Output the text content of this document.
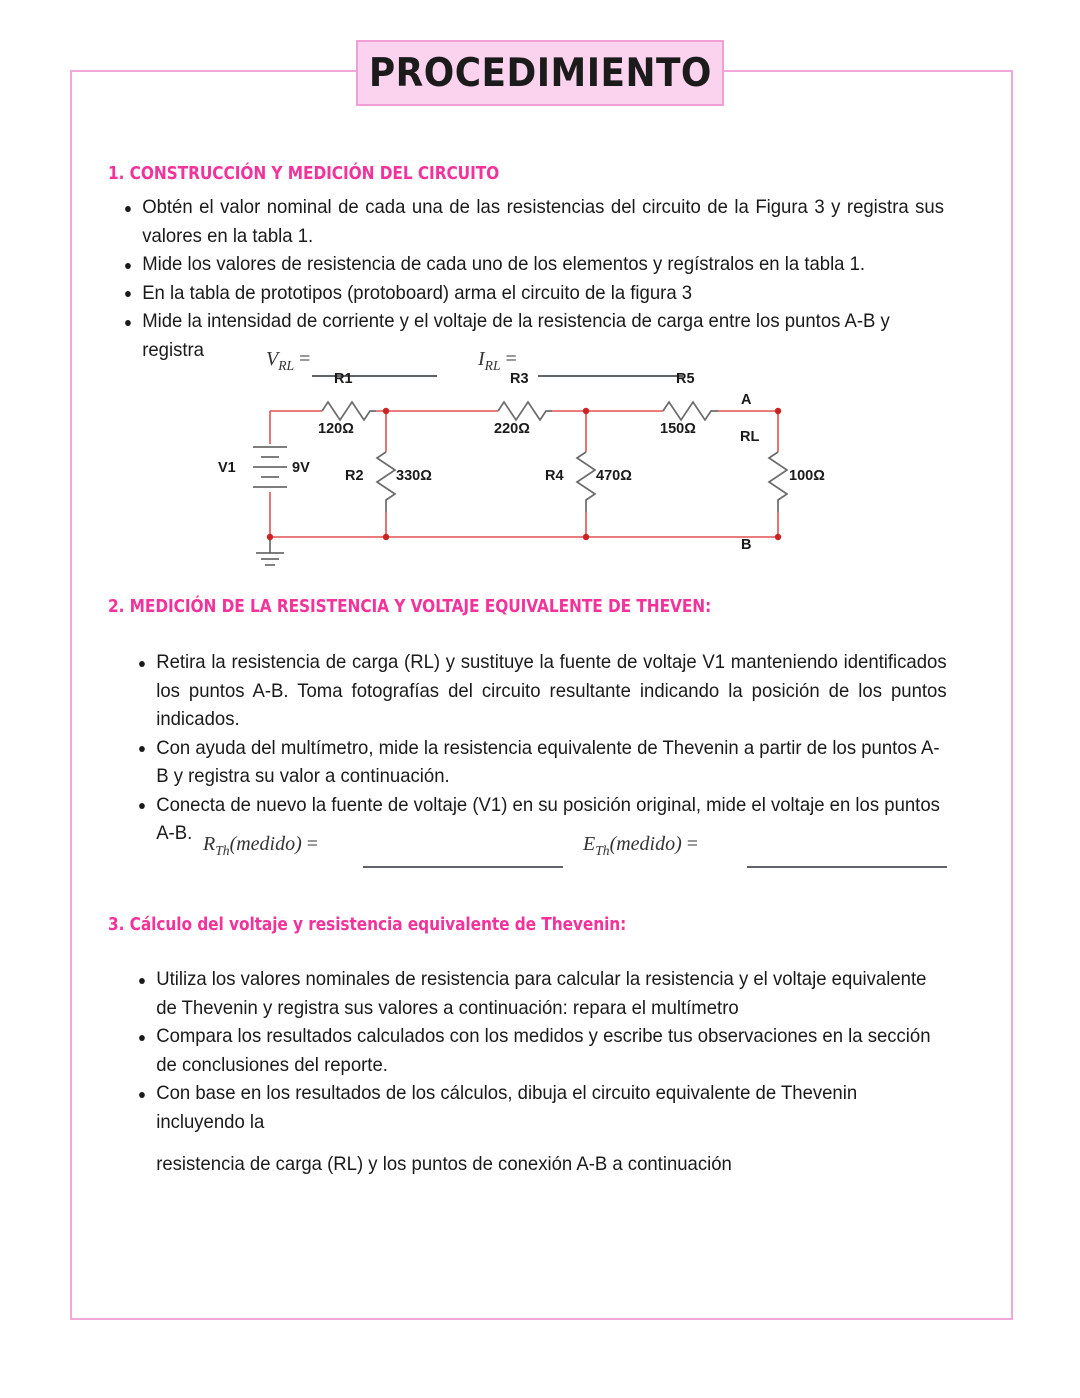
PROCEDIMIENTO
1. CONSTRUCCIÓN Y MEDICIÓN DEL CIRCUITO
Obtén el valor nominal de cada una de las resistencias del circuito de la Figura 3 y registra sus valores en la tabla 1.
Mide los valores de resistencia de cada uno de los elementos y regístralos en la tabla 1.
En la tabla de prototipos (protoboard) arma el circuito de la figura 3
Mide la intensidad de corriente y el voltaje de la resistencia de carga entre los puntos A-B y registra	$V_{RL}$ =	$I_{RL}$ =
R1
120Ω
R3
220Ω
R5
150Ω
R2 330Ω	R4 470Ω
RL
100Ω
V1	9V
A
B
2. MEDICIÓN DE LA RESISTENCIA Y VOLTAJE EQUIVALENTE DE THEVEN:
Retira la resistencia de carga (RL) y sustituye la fuente de voltaje V1 manteniendo identificados los puntos A-B. Toma fotografías del circuito resultante indicando la posición de los puntos indicados.
Con ayuda del multímetro, mide la resistencia equivalente de Thevenin a partir de los puntos A-B y registra su valor a continuación.
Conecta de nuevo la fuente de voltaje (V1) en su posición original, mide el voltaje en los puntos A-B. $R_{Th}(medido)$ =	$E_{Th}(medido)$ =
3. Cálculo del voltaje y resistencia equivalente de Thevenin:
Utiliza los valores nominales de resistencia para calcular la resistencia y el voltaje equivalente de Thevenin y registra sus valores a continuación: repara el multímetro
Compara los resultados calculados con los medidos y escribe tus observaciones en la sección de conclusiones del reporte.
Con base en los resultados de los cálculos, dibuja el circuito equivalente de Thevenin incluyendo la
resistencia de carga (RL) y los puntos de conexión A-B a continuación
